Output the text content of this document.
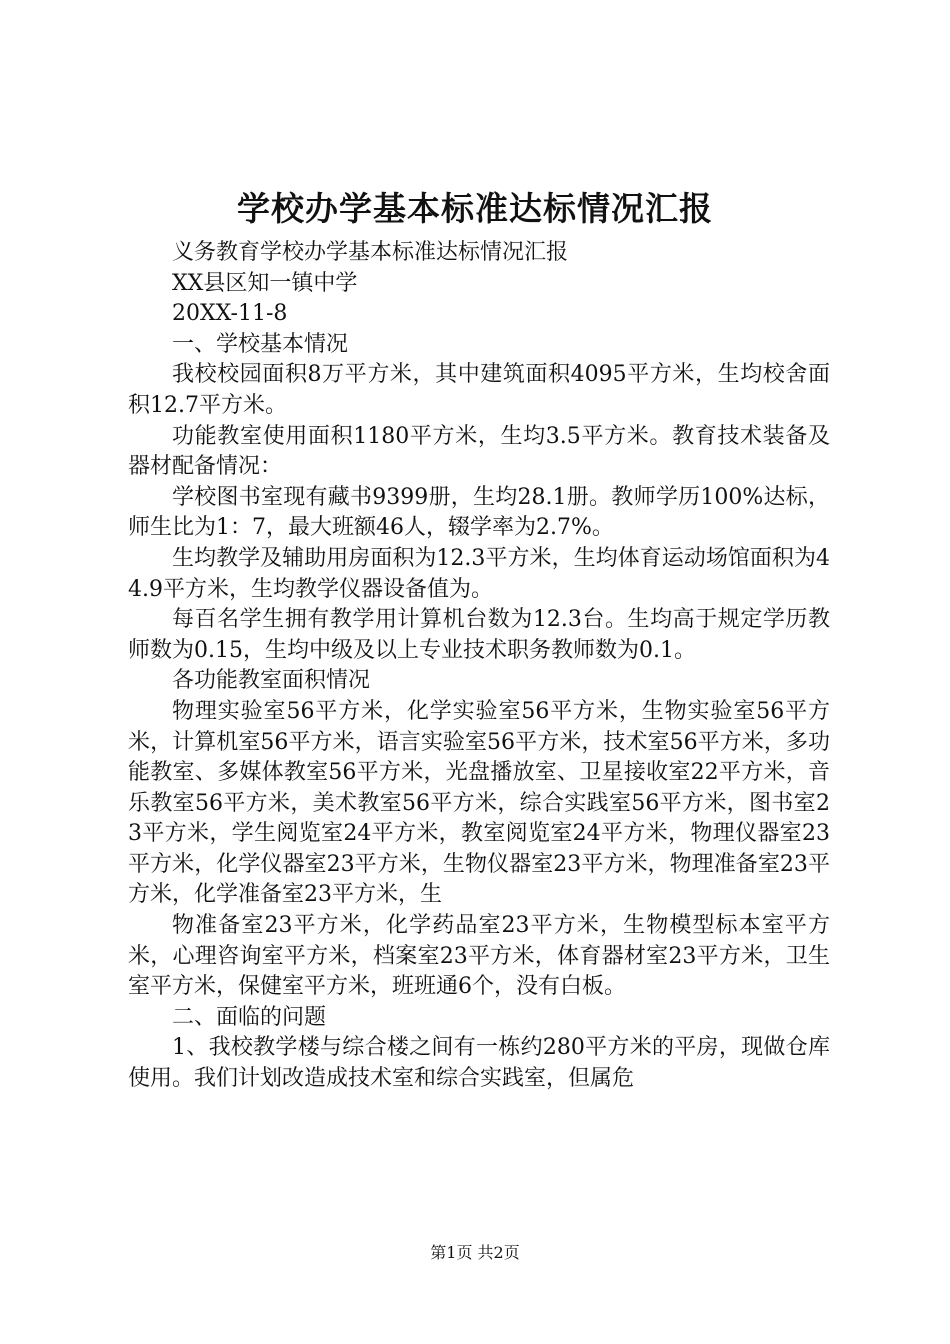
学校办学基本标准达标情况汇报

义务教育学校办学基本标准达标情况汇报

XX县区知一镇中学

20XX-11-8

一、学校基本情况

我校校园面积8万平方米，其中建筑面积4095平方米，生均校舍面积12.7平方米。

功能教室使用面积1180平方米，生均3.5平方米。教育技术装备及器材配备情况：

学校图书室现有藏书9399册，生均28.1册。教师学历100%达标，师生比为1：7，最大班额46人，辍学率为2.7%。

生均教学及辅助用房面积为12.3平方米，生均体育运动场馆面积为44.9平方米，生均教学仪器设备值为。

每百名学生拥有教学用计算机台数为12.3台。生均高于规定学历教师数为0.15，生均中级及以上专业技术职务教师数为0.1。

各功能教室面积情况

物理实验室56平方米，化学实验室56平方米，生物实验室56平方米，计算机室56平方米，语言实验室56平方米，技术室56平方米，多功能教室、多媒体教室56平方米，光盘播放室、卫星接收室22平方米，音乐教室56平方米，美术教室56平方米，综合实践室56平方米，图书室23平方米，学生阅览室24平方米，教室阅览室24平方米，物理仪器室23平方米，化学仪器室23平方米，生物仪器室23平方米，物理准备室23平方米，化学准备室23平方米，生

物准备室23平方米，化学药品室23平方米，生物模型标本室平方米，心理咨询室平方米，档案室23平方米，体育器材室23平方米，卫生室平方米，保健室平方米，班班通6个，没有白板。

二、面临的问题

1、我校教学楼与综合楼之间有一栋约280平方米的平房，现做仓库使用。我们计划改造成技术室和综合实践室，但属危

第1页 共2页
